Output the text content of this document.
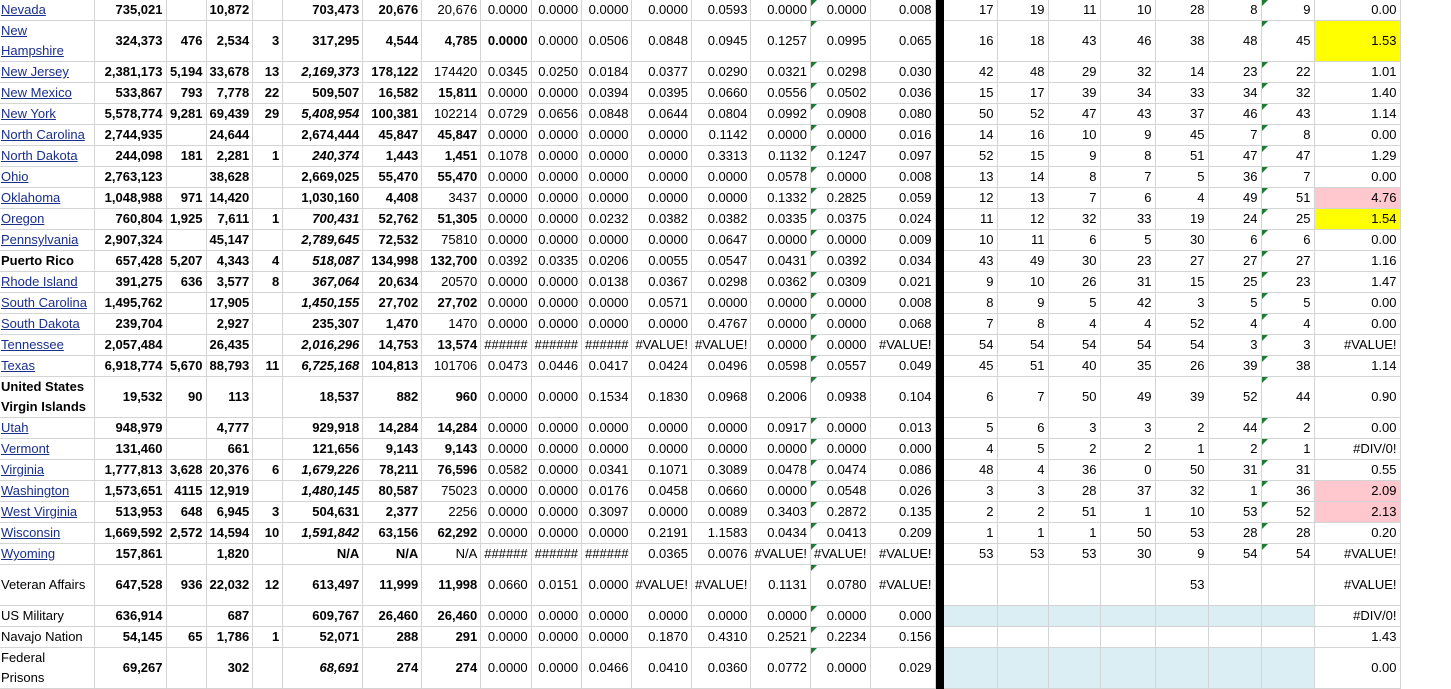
Nevada	735,021		10,872		703,473	20,676	20,676	0.0000	0.0000	0.0000	0.0000	0.0593	0.0000	0.0000	0.008		17	19	11	10	28	8	9	0.00
New Hampshire	324,373	476	2,534	3	317,295	4,544	4,785	0.0000	0.0000	0.0506	0.0848	0.0945	0.1257	0.0995	0.065		16	18	43	46	38	48	45	1.53
New Jersey	2,381,173	5,194	33,678	13	2,169,373	178,122	174420	0.0345	0.0250	0.0184	0.0377	0.0290	0.0321	0.0298	0.030		42	48	29	32	14	23	22	1.01
New Mexico	533,867	793	7,778	22	509,507	16,582	15,811	0.0000	0.0000	0.0394	0.0395	0.0660	0.0556	0.0502	0.036		15	17	39	34	33	34	32	1.40
New York	5,578,774	9,281	69,439	29	5,408,954	100,381	102214	0.0729	0.0656	0.0848	0.0644	0.0804	0.0992	0.0908	0.080		50	52	47	43	37	46	43	1.14
North Carolina	2,744,935		24,644		2,674,444	45,847	45,847	0.0000	0.0000	0.0000	0.0000	0.1142	0.0000	0.0000	0.016		14	16	10	9	45	7	8	0.00
North Dakota	244,098	181	2,281	1	240,374	1,443	1,451	0.1078	0.0000	0.0000	0.0000	0.3313	0.1132	0.1247	0.097		52	15	9	8	51	47	47	1.29
Ohio	2,763,123		38,628		2,669,025	55,470	55,470	0.0000	0.0000	0.0000	0.0000	0.0000	0.0578	0.0000	0.008		13	14	8	7	5	36	7	0.00
Oklahoma	1,048,988	971	14,420		1,030,160	4,408	3437	0.0000	0.0000	0.0000	0.0000	0.0000	0.1332	0.2825	0.059		12	13	7	6	4	49	51	4.76
Oregon	760,804	1,925	7,611	1	700,431	52,762	51,305	0.0000	0.0000	0.0232	0.0382	0.0382	0.0335	0.0375	0.024		11	12	32	33	19	24	25	1.54
Pennsylvania	2,907,324		45,147		2,789,645	72,532	75810	0.0000	0.0000	0.0000	0.0000	0.0647	0.0000	0.0000	0.009		10	11	6	5	30	6	6	0.00
Puerto Rico	657,428	5,207	4,343	4	518,087	134,998	132,700	0.0392	0.0335	0.0206	0.0055	0.0547	0.0431	0.0392	0.034		43	49	30	23	27	27	27	1.16
Rhode Island	391,275	636	3,577	8	367,064	20,634	20570	0.0000	0.0000	0.0138	0.0367	0.0298	0.0362	0.0309	0.021		9	10	26	31	15	25	23	1.47
South Carolina	1,495,762		17,905		1,450,155	27,702	27,702	0.0000	0.0000	0.0000	0.0571	0.0000	0.0000	0.0000	0.008		8	9	5	42	3	5	5	0.00
South Dakota	239,704		2,927		235,307	1,470	1470	0.0000	0.0000	0.0000	0.0000	0.4767	0.0000	0.0000	0.068		7	8	4	4	52	4	4	0.00
Tennessee	2,057,484		26,435		2,016,296	14,753	13,574	######	######	######	#VALUE!	#VALUE!	0.0000	0.0000	#VALUE!		54	54	54	54	54	3	3	#VALUE!
Texas	6,918,774	5,670	88,793	11	6,725,168	104,813	101706	0.0473	0.0446	0.0417	0.0424	0.0496	0.0598	0.0557	0.049		45	51	40	35	26	39	38	1.14
United States Virgin Islands	19,532	90	113		18,537	882	960	0.0000	0.0000	0.1534	0.1830	0.0968	0.2006	0.0938	0.104		6	7	50	49	39	52	44	0.90
Utah	948,979		4,777		929,918	14,284	14,284	0.0000	0.0000	0.0000	0.0000	0.0000	0.0917	0.0000	0.013		5	6	3	3	2	44	2	0.00
Vermont	131,460		661		121,656	9,143	9,143	0.0000	0.0000	0.0000	0.0000	0.0000	0.0000	0.0000	0.000		4	5	2	2	1	2	1	#DIV/0!
Virginia	1,777,813	3,628	20,376	6	1,679,226	78,211	76,596	0.0582	0.0000	0.0341	0.1071	0.3089	0.0478	0.0474	0.086		48	4	36	0	50	31	31	0.55
Washington	1,573,651	4115	12,919		1,480,145	80,587	75023	0.0000	0.0000	0.0176	0.0458	0.0660	0.0000	0.0548	0.026		3	3	28	37	32	1	36	2.09
West Virginia	513,953	648	6,945	3	504,631	2,377	2256	0.0000	0.0000	0.3097	0.0000	0.0089	0.3403	0.2872	0.135		2	2	51	1	10	53	52	2.13
Wisconsin	1,669,592	2,572	14,594	10	1,591,842	63,156	62,292	0.0000	0.0000	0.0000	0.2191	1.1583	0.0434	0.0413	0.209		1	1	1	50	53	28	28	0.20
Wyoming	157,861		1,820		N/A	N/A	N/A	######	######	######	0.0365	0.0076	#VALUE!	#VALUE!	#VALUE!		53	53	53	30	9	54	54	#VALUE!
Veteran Affairs	647,528	936	22,032	12	613,497	11,999	11,998	0.0660	0.0151	0.0000	#VALUE!	#VALUE!	0.1131	0.0780	#VALUE!						53			#VALUE!
US Military	636,914		687		609,767	26,460	26,460	0.0000	0.0000	0.0000	0.0000	0.0000	0.0000	0.0000	0.000									#DIV/0!
Navajo Nation	54,145	65	1,786	1	52,071	288	291	0.0000	0.0000	0.0000	0.1870	0.4310	0.2521	0.2234	0.156									1.43
Federal Prisons	69,267		302		68,691	274	274	0.0000	0.0000	0.0466	0.0410	0.0360	0.0772	0.0000	0.029									0.00
